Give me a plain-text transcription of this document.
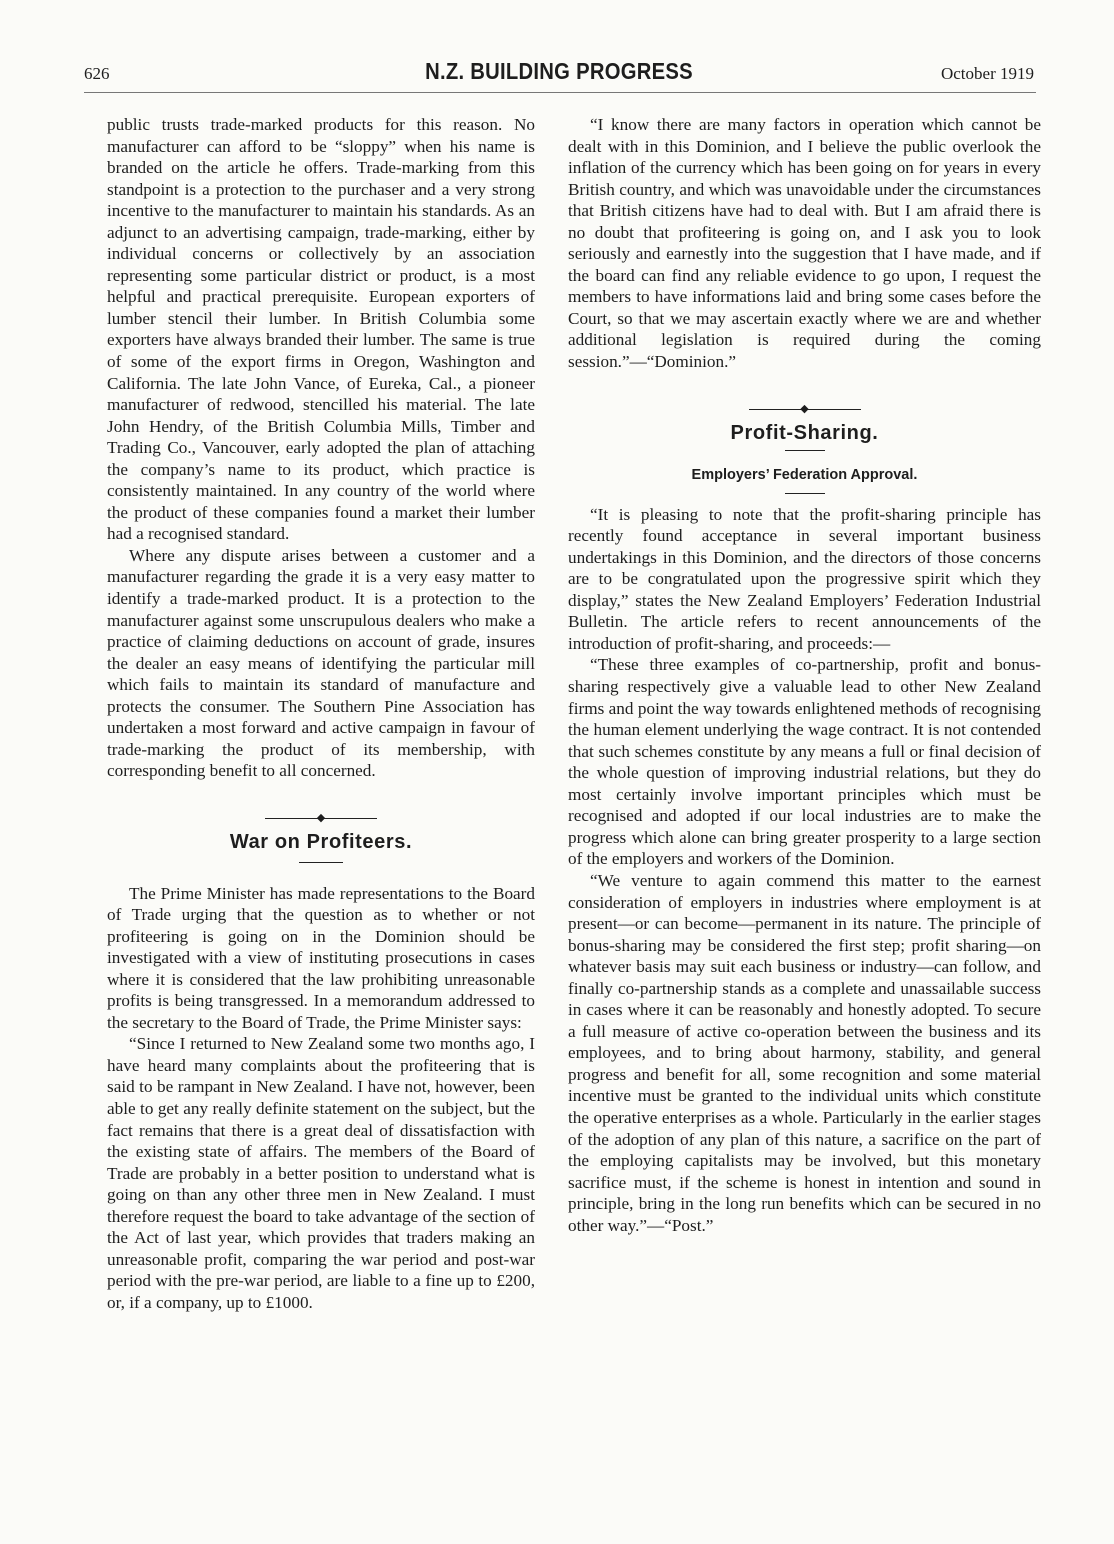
626	N.Z. BUILDING PROGRESS	October 1919

public trusts trade-marked products for this reason. No manufacturer can afford to be “sloppy” when his name is branded on the article he offers. Trade-marking from this standpoint is a protection to the purchaser and a very strong incentive to the manufacturer to maintain his standards. As an adjunct to an advertising campaign, trade-marking, either by individual concerns or collectively by an association representing some particular district or product, is a most helpful and practical prerequisite. European exporters of lumber stencil their lumber. In British Columbia some exporters have always branded their lumber. The same is true of some of the export firms in Oregon, Washington and California. The late John Vance, of Eureka, Cal., a pioneer manufacturer of redwood, stencilled his material. The late John Hendry, of the British Columbia Mills, Timber and Trading Co., Vancouver, early adopted the plan of attaching the company’s name to its product, which practice is consistently maintained. In any country of the world where the product of these companies found a market their lumber had a recognised standard.

Where any dispute arises between a customer and a manufacturer regarding the grade it is a very easy matter to identify a trade-marked product. It is a protection to the manufacturer against some unscrupulous dealers who make a practice of claiming deductions on account of grade, insures the dealer an easy means of identifying the particular mill which fails to maintain its standard of manufacture and protects the consumer. The Southern Pine Association has undertaken a most forward and active campaign in favour of trade-marking the product of its membership, with corresponding benefit to all concerned.

◆
War on Profiteers.

The Prime Minister has made representations to the Board of Trade urging that the question as to whether or not profiteering is going on in the Dominion should be investigated with a view of instituting prosecutions in cases where it is considered that the law prohibiting unreasonable profits is being transgressed. In a memorandum addressed to the secretary to the Board of Trade, the Prime Minister says:

“Since I returned to New Zealand some two months ago, I have heard many complaints about the profiteering that is said to be rampant in New Zealand. I have not, however, been able to get any really definite statement on the subject, but the fact remains that there is a great deal of dissatisfaction with the existing state of affairs. The members of the Board of Trade are probably in a better position to understand what is going on than any other three men in New Zealand. I must therefore request the board to take advantage of the section of the Act of last year, which provides that traders making an unreasonable profit, comparing the war period and post-war period with the pre-war period, are liable to a fine up to £200, or, if a company, up to £1000.

“I know there are many factors in operation which cannot be dealt with in this Dominion, and I believe the public overlook the inflation of the currency which has been going on for years in every British country, and which was unavoidable under the circumstances that British citizens have had to deal with. But I am afraid there is no doubt that profiteering is going on, and I ask you to look seriously and earnestly into the suggestion that I have made, and if the board can find any reliable evidence to go upon, I request the members to have informations laid and bring some cases before the Court, so that we may ascertain exactly where we are and whether additional legislation is required during the coming session.”—“Dominion.”

◆
Profit-Sharing.
Employers’ Federation Approval.

“It is pleasing to note that the profit-sharing principle has recently found acceptance in several important business undertakings in this Dominion, and the directors of those concerns are to be congratulated upon the progressive spirit which they display,” states the New Zealand Employers’ Federation Industrial Bulletin. The article refers to recent announcements of the introduction of profit-sharing, and proceeds:—

“These three examples of co-partnership, profit and bonus-sharing respectively give a valuable lead to other New Zealand firms and point the way towards enlightened methods of recognising the human element underlying the wage contract. It is not contended that such schemes constitute by any means a full or final decision of the whole question of improving industrial relations, but they do most certainly involve important principles which must be recognised and adopted if our local industries are to make the progress which alone can bring greater prosperity to a large section of the employers and workers of the Dominion.

“We venture to again commend this matter to the earnest consideration of employers in industries where employment is at present—or can become—permanent in its nature. The principle of bonus-sharing may be considered the first step; profit sharing—on whatever basis may suit each business or industry—can follow, and finally co-partnership stands as a complete and unassailable success in cases where it can be reasonably and honestly adopted. To secure a full measure of active co-operation between the business and its employees, and to bring about harmony, stability, and general progress and benefit for all, some recognition and some material incentive must be granted to the individual units which constitute the operative enterprises as a whole. Particularly in the earlier stages of the adoption of any plan of this nature, a sacrifice on the part of the employing capitalists may be involved, but this monetary sacrifice must, if the scheme is honest in intention and sound in principle, bring in the long run benefits which can be secured in no other way.”—“Post.”
